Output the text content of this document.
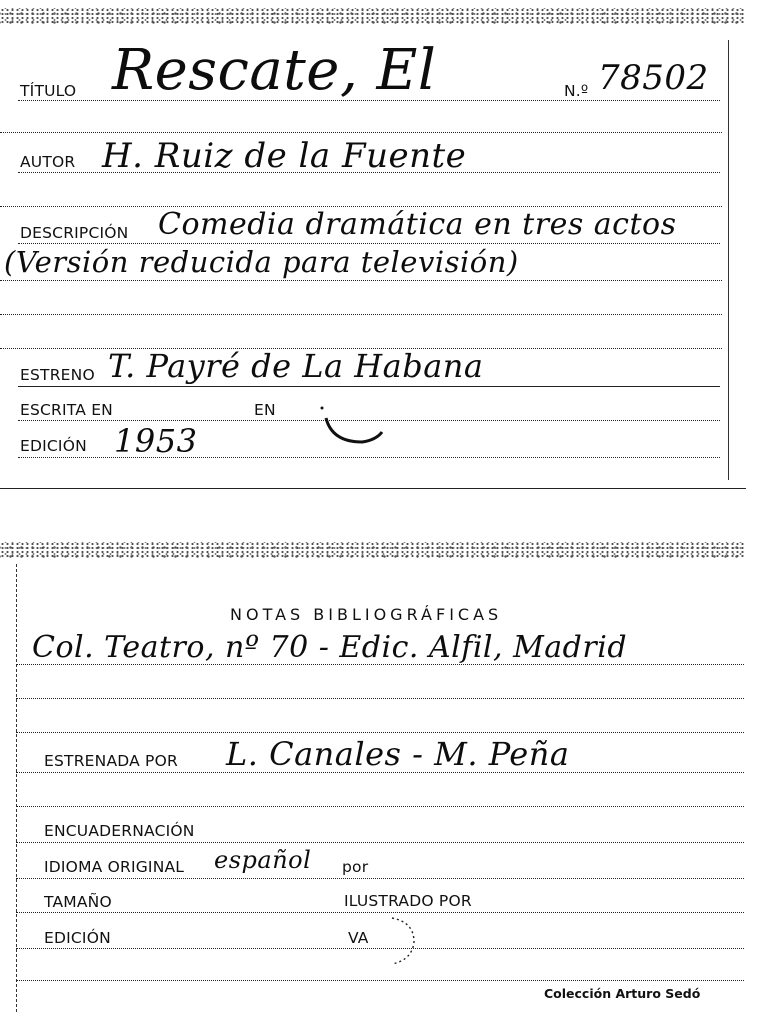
TÍTULO Rescate, El	N.º 78502
AUTOR H. Ruiz de la Fuente
DESCRIPCIÓN Comedia dramática en tres actos
(Versión reducida para televisión)
ESTRENO T. Payré de La Habana
ESCRITA EN	EN
EDICIÓN 1953
NOTAS BIBLIOGRÁFICAS
Col. Teatro, nº 70 - Edic. Alfil, Madrid
ESTRENADA POR L. Canales - M. Peña
ENCUADERNACIÓN
IDIOMA ORIGINAL español por
TAMAÑO	ILUSTRADO POR
EDICIÓN	VA
Colección Arturo Sedó
